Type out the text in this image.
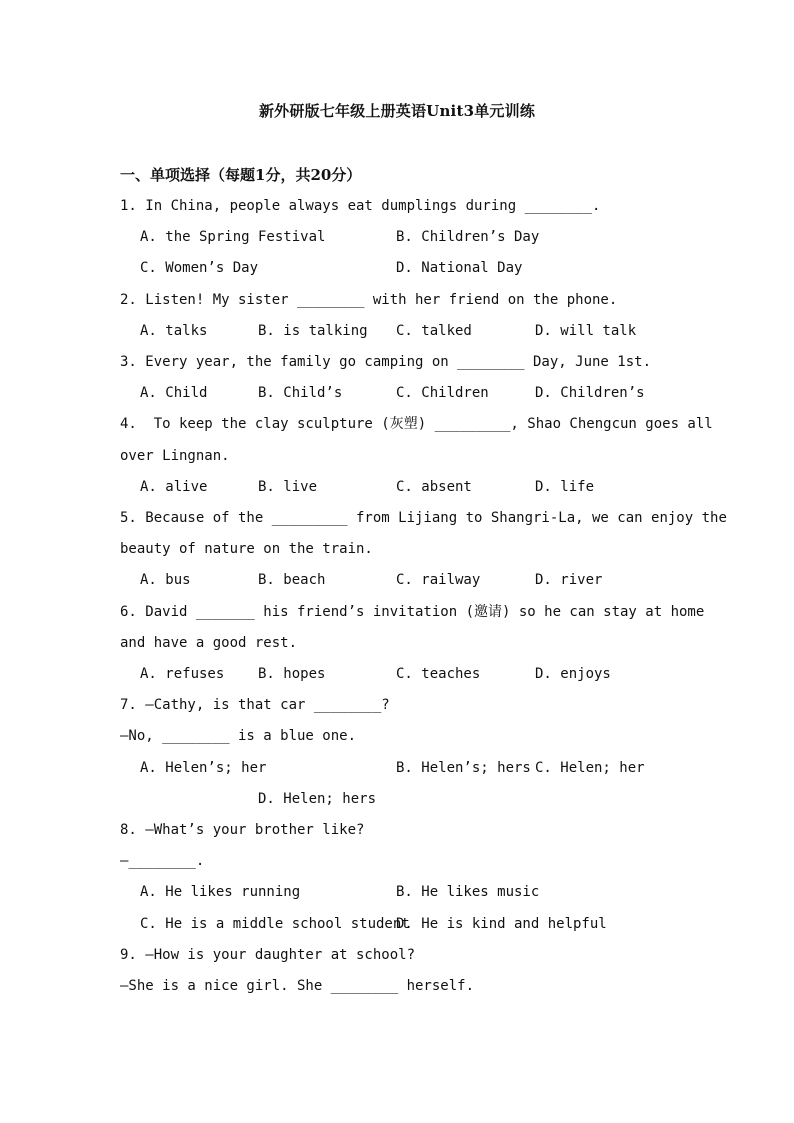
新外研版七年级上册英语Unit3单元训练
一、单项选择（每题1分，共20分）
1. In China, people always eat dumplings during ________.
A. the Spring Festival	B. Children’s Day
C. Women’s Day	D. National Day
2. Listen! My sister ________ with her friend on the phone.
A. talks	B. is talking C. talked	D. will talk
3. Every year, the family go camping on ________ Day, June 1st.
A. Child	B. Child’s	C. Children	D. Children’s
4.  To keep the clay sculpture (灰塑) _________, Shao Chengcun goes all
over Lingnan.
A. alive	B. live	C. absent	D. life
5. Because of the _________ from Lijiang to Shangri-La, we can enjoy the
beauty of nature on the train.
A. bus	B. beach	C. railway	D. river
6. David _______ his friend’s invitation (邀请) so he can stay at home
and have a good rest.
A. refuses B. hopes	C. teaches	D. enjoys
7. —Cathy, is that car ________?
—No, ________ is a blue one.
A. Helen’s; her	B. Helen’s; hers C. Helen; her
D. Helen; hers
8. —What’s your brother like?
—________.
A. He likes running	B. He likes music
C. He is a middle school student
D. He is kind and helpful
9. —How is your daughter at school?
—She is a nice girl. She ________ herself.
